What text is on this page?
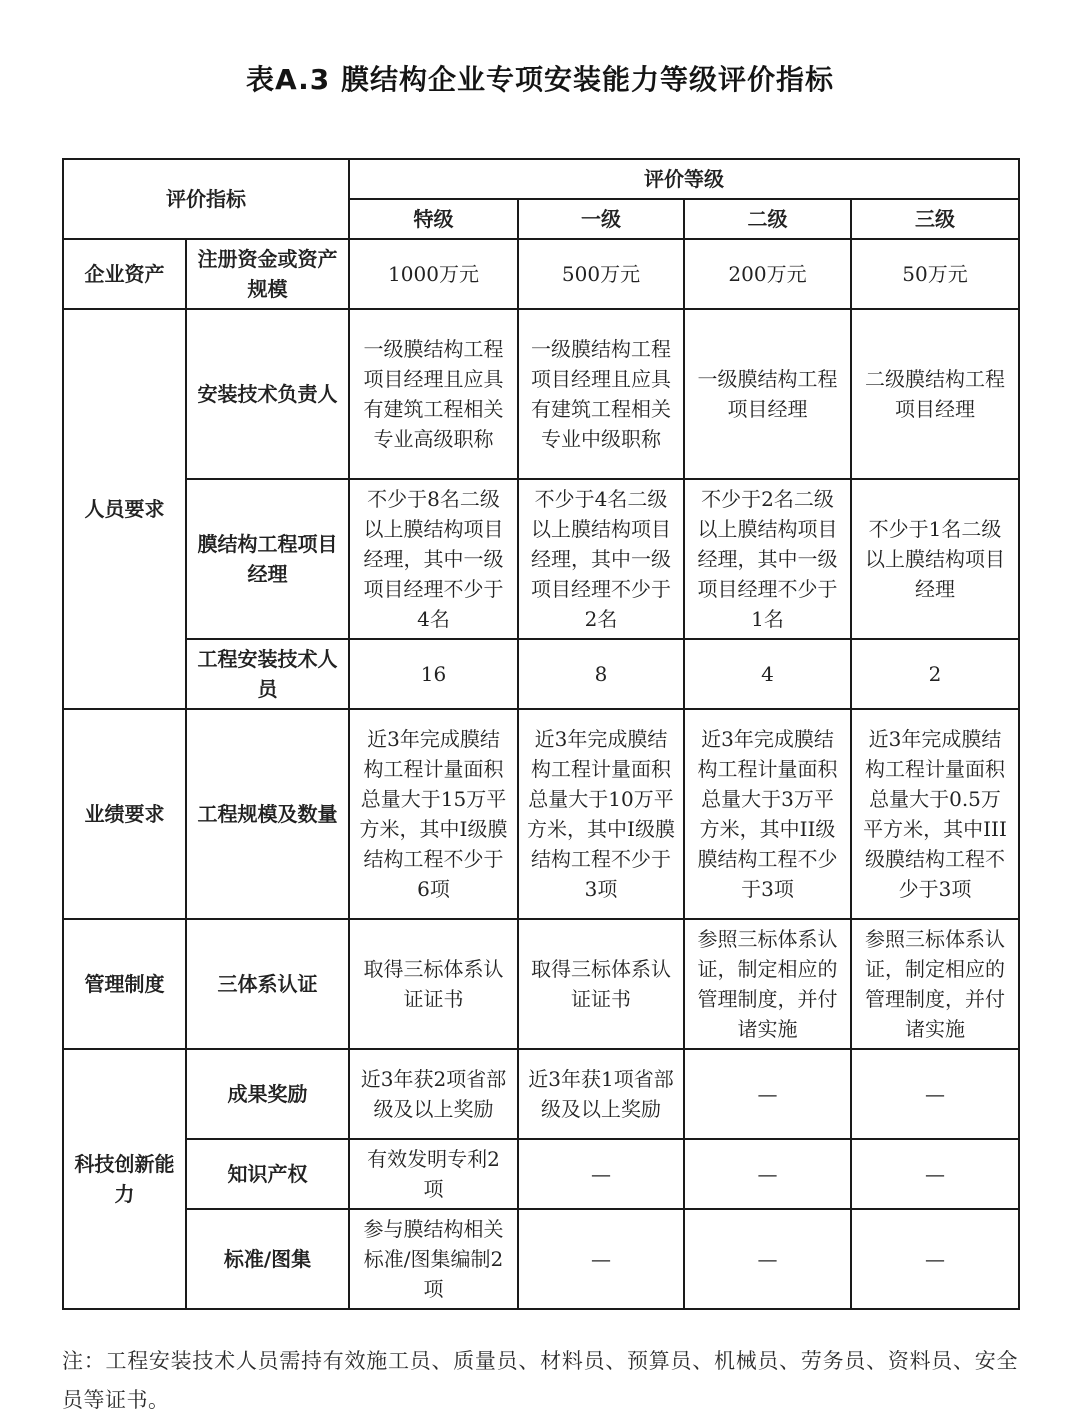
表A.3 膜结构企业专项安装能力等级评价指标
评价指标		评价等级			
		特级	一级	二级	三级
企业资产	注册资金或资产规模	1000万元	500万元	200万元	50万元
人员要求	安装技术负责人	一级膜结构工程项目经理且应具有建筑工程相关专业高级职称	一级膜结构工程项目经理且应具有建筑工程相关专业中级职称	一级膜结构工程项目经理	二级膜结构工程项目经理
	膜结构工程项目经理	不少于8名二级以上膜结构项目经理，其中一级项目经理不少于4名	不少于4名二级以上膜结构项目经理，其中一级项目经理不少于2名	不少于2名二级以上膜结构项目经理，其中一级项目经理不少于1名	不少于1名二级以上膜结构项目经理
	工程安装技术人员	16	8	4	2
业绩要求	工程规模及数量	近3年完成膜结构工程计量面积总量大于15万平方米，其中I级膜结构工程不少于6项	近3年完成膜结构工程计量面积总量大于10万平方米，其中I级膜结构工程不少于3项	近3年完成膜结构工程计量面积总量大于3万平方米，其中II级膜结构工程不少于3项	近3年完成膜结构工程计量面积总量大于0.5万平方米，其中III级膜结构工程不少于3项
管理制度	三体系认证	取得三标体系认证证书	取得三标体系认证证书	参照三标体系认证，制定相应的管理制度，并付诸实施	参照三标体系认证，制定相应的管理制度，并付诸实施
科技创新能力	成果奖励	近3年获2项省部级及以上奖励	近3年获1项省部级及以上奖励	—	—
	知识产权	有效发明专利2项	—	—	—
	标准/图集	参与膜结构相关标准/图集编制2项	—	—	—
注：工程安装技术人员需持有效施工员、质量员、材料员、预算员、机械员、劳务员、资料员、安全员等证书。
